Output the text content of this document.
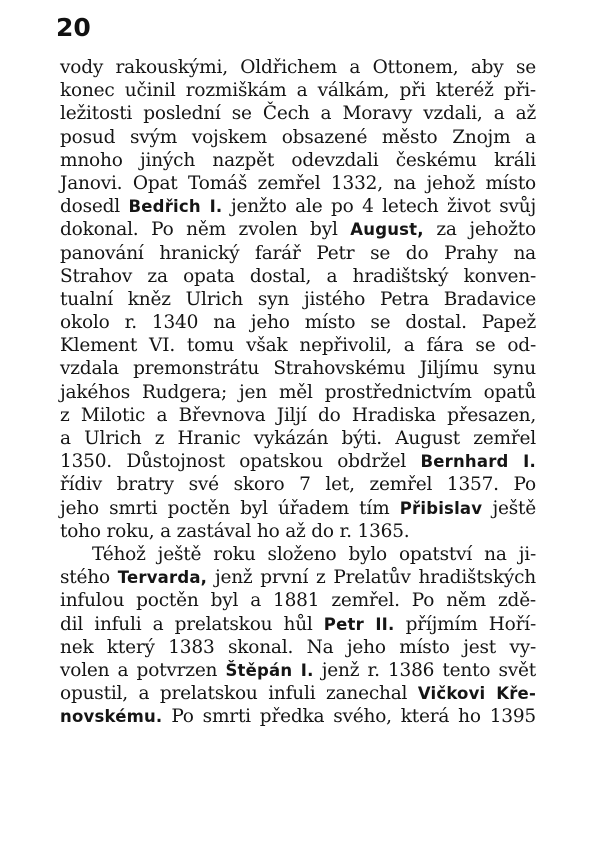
20
vody rakouskými, Oldřichem a Ottonem, aby se
konec učinil rozmiškám a válkám, při kteréž při-
ležitosti poslední se Čech a Moravy vzdali, a až
posud svým vojskem obsazené město Znojm a
mnoho jiných nazpět odevzdali českému králi
Janovi. Opat Tomáš zemřel 1332, na jehož místo
dosedl Bedřich I. jenžto ale po 4 letech život svůj
dokonal. Po něm zvolen byl August, za jehožto
panování hranický farář Petr se do Prahy na
Strahov za opata dostal, a hradištský konven-
tualní kněz Ulrich syn jistého Petra Bradavice
okolo r. 1340 na jeho místo se dostal. Papež
Klement VI. tomu však nepřivolil, a fára se od-
vzdala premonstrátu Strahovskému Jiljímu synu
jakéhos Rudgera; jen měl prostřednictvím opatů
z Milotic a Břevnova Jiljí do Hradiska přesazen,
a Ulrich z Hranic vykázán býti. August zemřel
1350. Důstojnost opatskou obdržel Bernhard I.
řídiv bratry své skoro 7 let, zemřel 1357. Po
jeho smrti poctěn byl úřadem tím Přibislav ještě
toho roku, a zastával ho až do r. 1365.
Téhož ještě roku složeno bylo opatství na ji-
stého Tervarda, jenž první z Prelatův hradištských
infulou poctěn byl a 1881 zemřel. Po něm zdě-
dil infuli a prelatskou hůl Petr II. příjmím Hoří-
nek který 1383 skonal. Na jeho místo jest vy-
volen a potvrzen Štěpán I. jenž r. 1386 tento svět
opustil, a prelatskou infuli zanechal Vičkovi Kře-
novskému. Po smrti předka svého, která ho 1395
